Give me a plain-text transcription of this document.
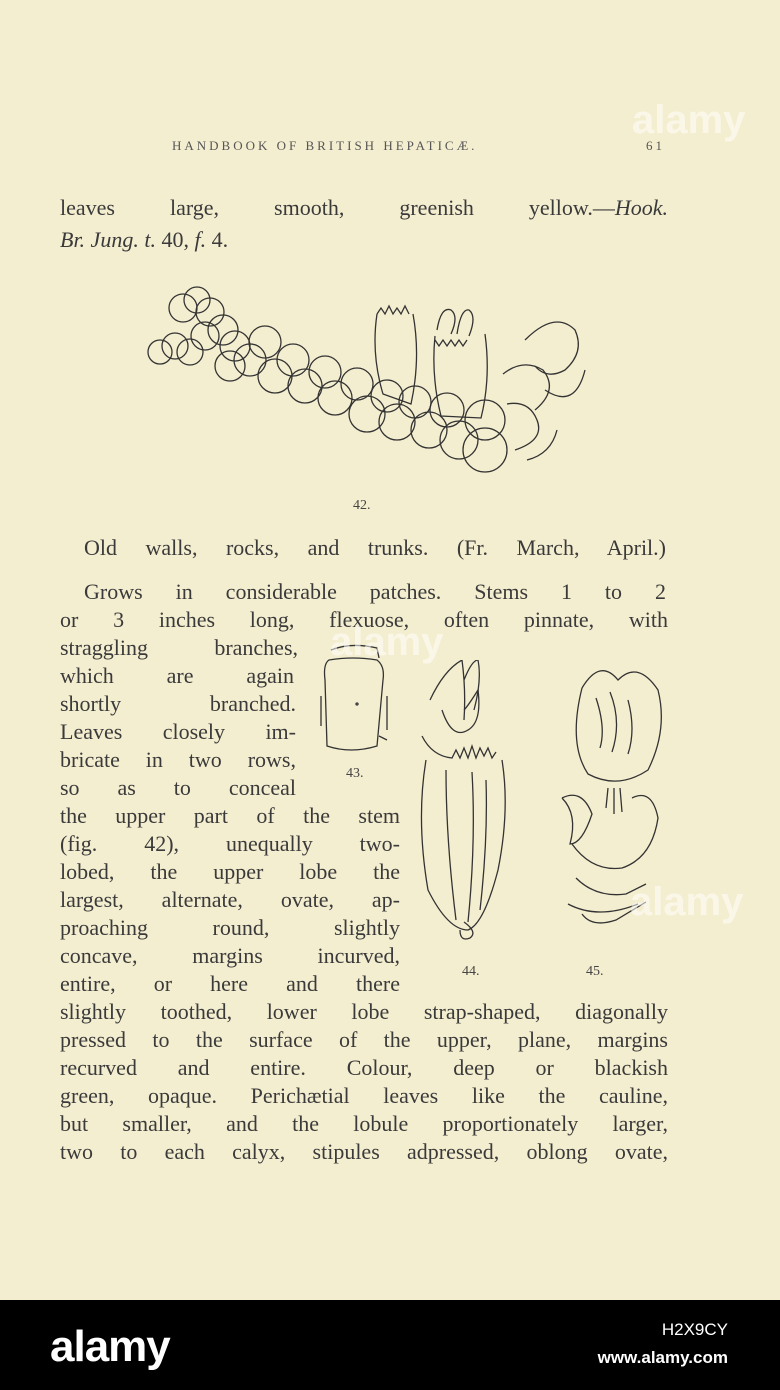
HANDBOOK OF BRITISH HEPATICÆ.	61
leaves large, smooth, greenish yellow.—Hook.
Br. Jung. t. 40, f. 4.
42.
Old walls, rocks, and trunks. (Fr. March, April.)
Grows in considerable patches. Stems 1 to 2
or 3 inches long, flexuose, often pinnate, with
straggling branches,
which are again
shortly branched.
Leaves closely im-
bricate in two rows,
so as to conceal
the upper part of the stem
(fig. 42), unequally two-
lobed, the upper lobe the
largest, alternate, ovate, ap-
proaching round, slightly
concave, margins incurved,
entire, or here and there
slightly toothed, lower lobe strap-shaped, diagonally
pressed to the surface of the upper, plane, margins
recurved and entire. Colour, deep or blackish
green, opaque. Perichætial leaves like the cauline,
but smaller, and the lobule proportionately larger,
two to each calyx, stipules adpressed, oblong ovate,
43.
44.	45.
alamy
alamy
alamy
alamy	H2X9CY
www.alamy.com
